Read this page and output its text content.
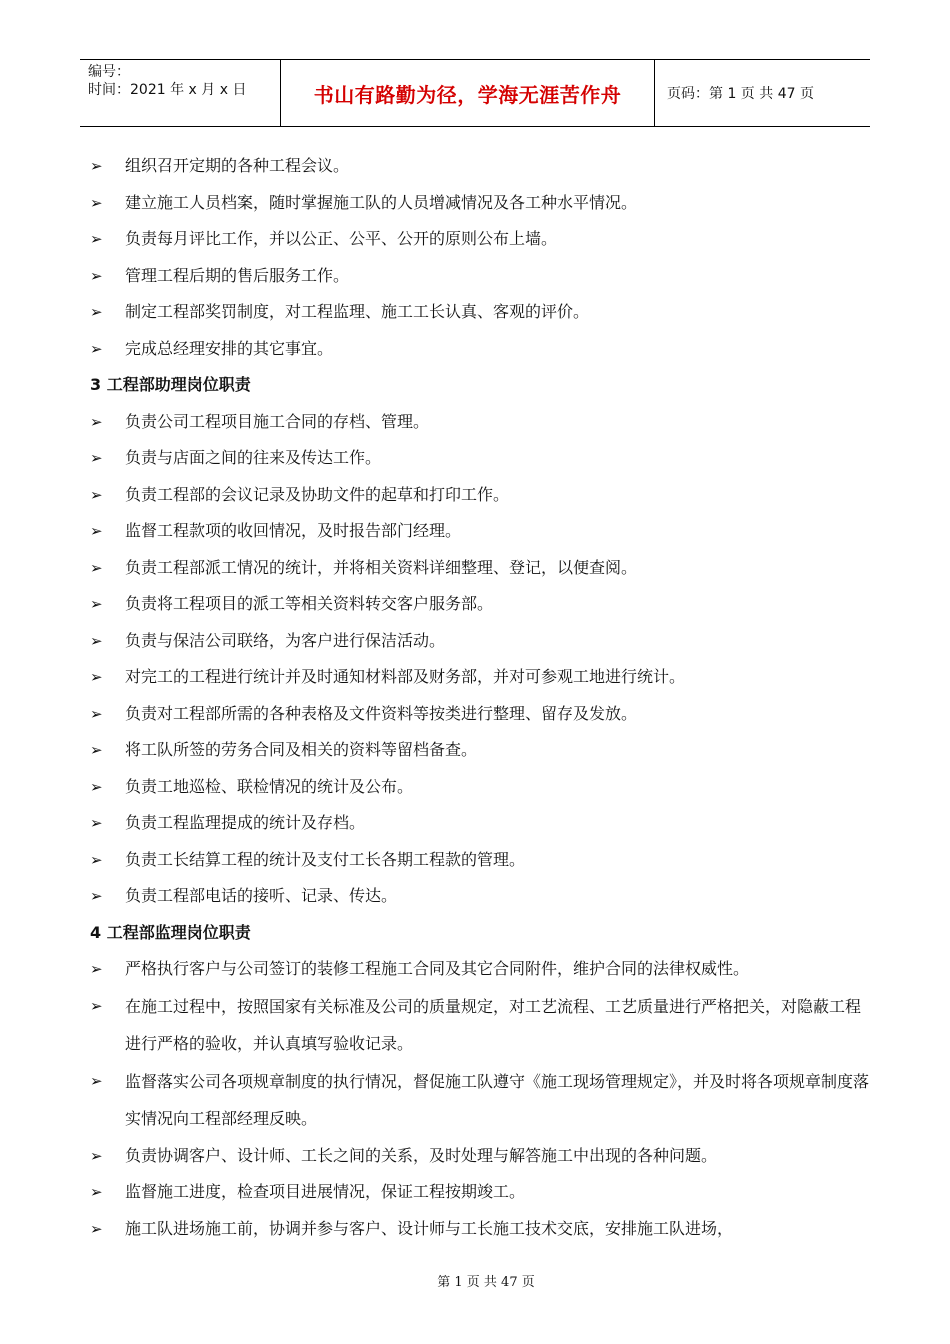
编号：
时间：2021 年 x 月 x 日	书山有路勤为径，学海无涯苦作舟	页码：第 1 页 共 47 页
➢ 组织召开定期的各种工程会议。
➢ 建立施工人员档案，随时掌握施工队的人员增减情况及各工种水平情况。
➢ 负责每月评比工作，并以公正、公平、公开的原则公布上墙。
➢ 管理工程后期的售后服务工作。
➢ 制定工程部奖罚制度，对工程监理、施工工长认真、客观的评价。
➢ 完成总经理安排的其它事宜。
3 工程部助理岗位职责
➢ 负责公司工程项目施工合同的存档、管理。
➢ 负责与店面之间的往来及传达工作。
➢ 负责工程部的会议记录及协助文件的起草和打印工作。
➢ 监督工程款项的收回情况，及时报告部门经理。
➢ 负责工程部派工情况的统计，并将相关资料详细整理、登记，以便查阅。
➢ 负责将工程项目的派工等相关资料转交客户服务部。
➢ 负责与保洁公司联络，为客户进行保洁活动。
➢ 对完工的工程进行统计并及时通知材料部及财务部，并对可参观工地进行统计。
➢ 负责对工程部所需的各种表格及文件资料等按类进行整理、留存及发放。
➢ 将工队所签的劳务合同及相关的资料等留档备查。
➢ 负责工地巡检、联检情况的统计及公布。
➢ 负责工程监理提成的统计及存档。
➢ 负责工长结算工程的统计及支付工长各期工程款的管理。
➢ 负责工程部电话的接听、记录、传达。
4 工程部监理岗位职责
➢ 严格执行客户与公司签订的装修工程施工合同及其它合同附件，维护合同的法律权威性。
➢ 在施工过程中，按照国家有关标准及公司的质量规定，对工艺流程、工艺质量进行严格把关，对隐蔽工程进行严格的验收，并认真填写验收记录。
➢ 监督落实公司各项规章制度的执行情况，督促施工队遵守《施工现场管理规定》，并及时将各项规章制度落实情况向工程部经理反映。
➢ 负责协调客户、设计师、工长之间的关系，及时处理与解答施工中出现的各种问题。
➢ 监督施工进度，检查项目进展情况，保证工程按期竣工。
➢ 施工队进场施工前，协调并参与客户、设计师与工长施工技术交底，安排施工队进场，
第 1 页 共 47 页
